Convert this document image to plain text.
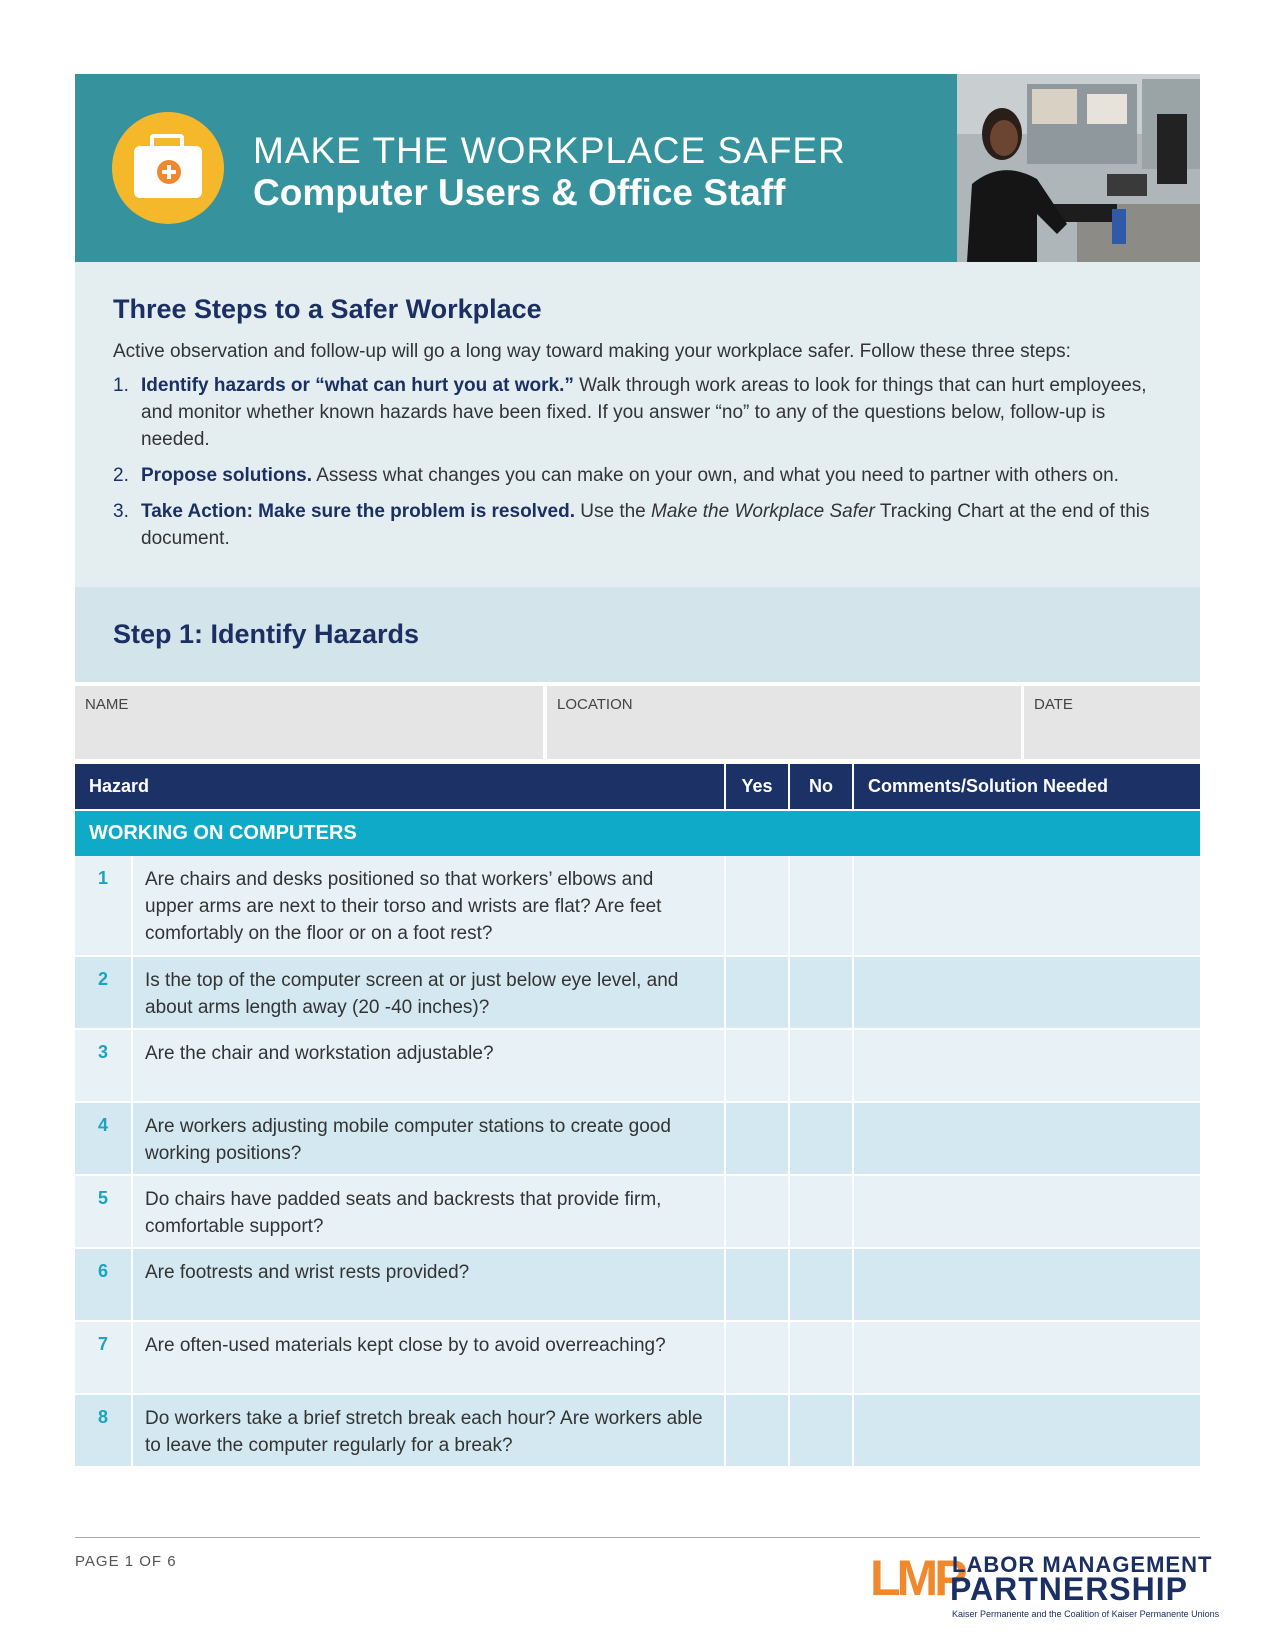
MAKE THE WORKPLACE SAFER
Computer Users & Office Staff
Three Steps to a Safer Workplace
Active observation and follow-up will go a long way toward making your workplace safer. Follow these three steps:
1. Identify hazards or “what can hurt you at work.” Walk through work areas to look for things that can hurt employees, and monitor whether known hazards have been fixed. If you answer “no” to any of the questions below, follow-up is needed.
2. Propose solutions. Assess what changes you can make on your own, and what you need to partner with others on.
3. Take Action: Make sure the problem is resolved. Use the Make the Workplace Safer Tracking Chart at the end of this document.
Step 1: Identify Hazards
NAME	LOCATION	DATE
Hazard	Yes	No	Comments/Solution Needed
WORKING ON COMPUTERS
1	Are chairs and desks positioned so that workers’ elbows and upper arms are next to their torso and wrists are flat? Are feet comfortably on the floor or on a foot rest?
2	Is the top of the computer screen at or just below eye level, and about arms length away (20 -40 inches)?
3	Are the chair and workstation adjustable?
4	Are workers adjusting mobile computer stations to create good working positions?
5	Do chairs have padded seats and backrests that provide firm, comfortable support?
6	Are footrests and wrist rests provided?
7	Are often-used materials kept close by to avoid overreaching?
8	Do workers take a brief stretch break each hour? Are workers able to leave the computer regularly for a break?
PAGE 1 OF 6	LMP
LABOR MANAGEMENT
PARTNERSHIP
Kaiser Permanente and the Coalition of Kaiser Permanente Unions
